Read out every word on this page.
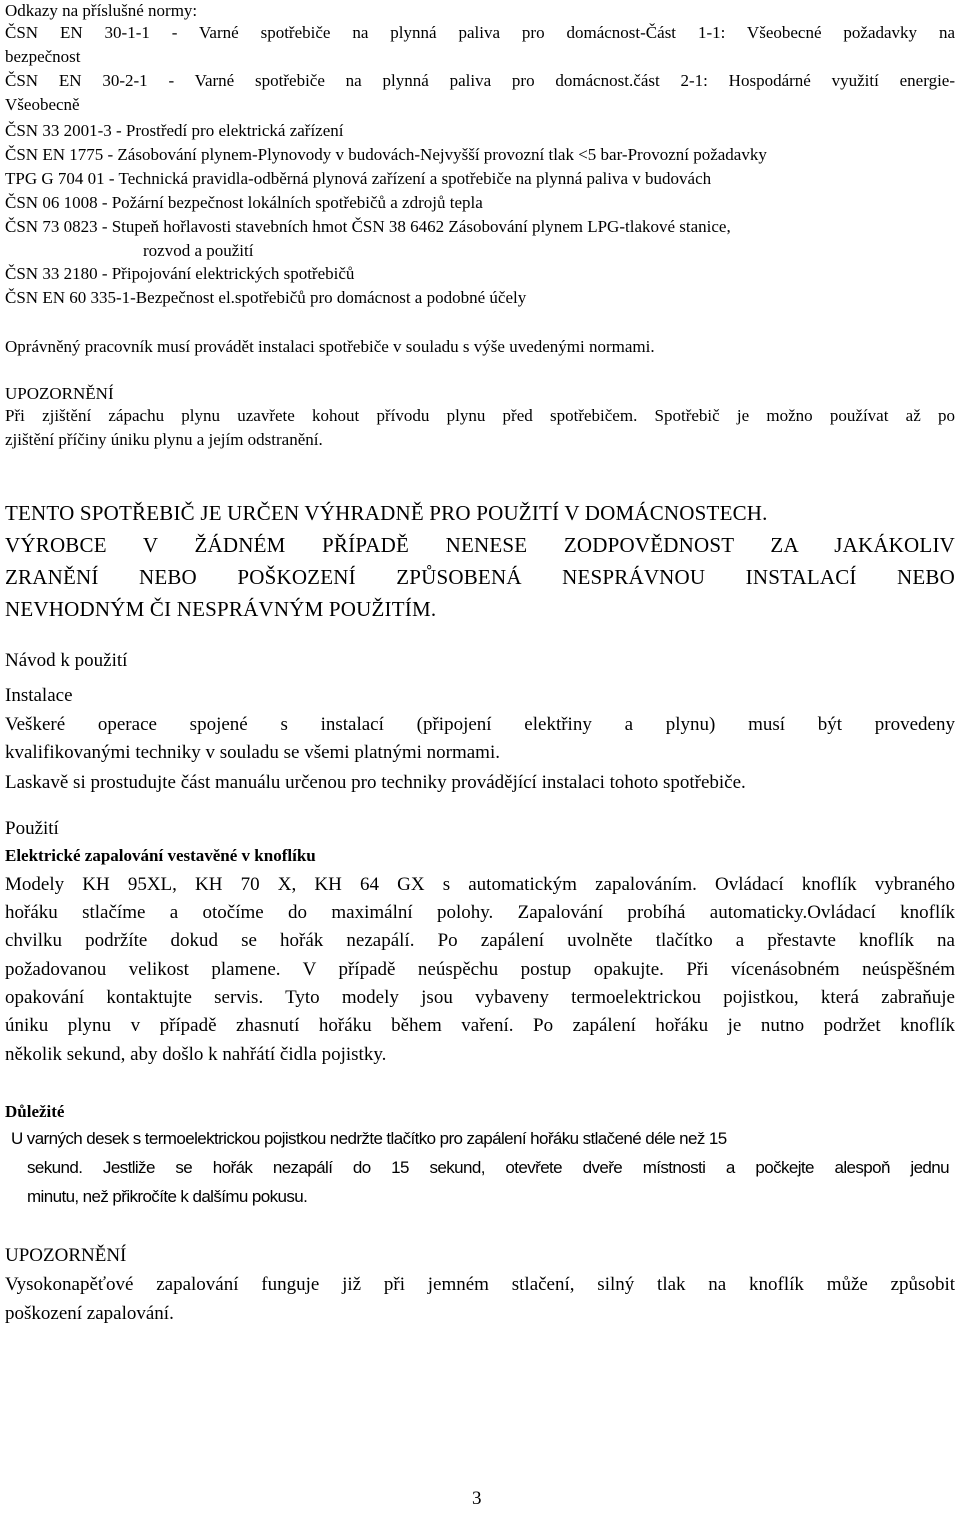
Odkazy na příslušné normy:
ČSN EN 30-1-1 - Varné spotřebiče na plynná paliva pro domácnost-Část 1-1: Všeobecné požadavky na
bezpečnost
ČSN EN 30-2-1 - Varné spotřebiče na plynná paliva pro domácnost.část 2-1: Hospodárné využití energie-
Všeobecně
ČSN 33 2001-3 - Prostředí pro elektrická zařízení
ČSN EN 1775 - Zásobování plynem-Plynovody v budovách-Nejvyšší provozní tlak <5 bar-Provozní požadavky
TPG G 704 01 - Technická pravidla-odběrná plynová zařízení a spotřebiče na plynná paliva v budovách
ČSN 06 1008 - Požární bezpečnost lokálních spotřebičů a zdrojů tepla
ČSN 73 0823 - Stupeň hořlavosti stavebních hmot ČSN 38 6462 Zásobování plynem LPG-tlakové stanice,
rozvod a použití
ČSN 33 2180 - Připojování elektrických spotřebičů
ČSN EN 60 335-1-Bezpečnost el.spotřebičů pro domácnost a podobné účely
Oprávněný pracovník musí provádět instalaci spotřebiče v souladu s výše uvedenými normami.
UPOZORNĚNÍ
Při zjištění zápachu plynu uzavřete kohout přívodu plynu před spotřebičem. Spotřebič je možno používat až po
zjištění příčiny úniku plynu a jejím odstranění.
TENTO SPOTŘEBIČ JE URČEN VÝHRADNĚ PRO POUŽITÍ V DOMÁCNOSTECH.
VÝROBCE V ŽÁDNÉM PŘÍPADĚ NENESE ZODPOVĚDNOST ZA JAKÁKOLIV
ZRANĚNÍ NEBO POŠKOZENÍ ZPŮSOBENÁ NESPRÁVNOU INSTALACÍ NEBO
NEVHODNÝM ČI NESPRÁVNÝM POUŽITÍM.
Návod k použití
Instalace
Veškeré operace spojené s instalací (připojení elektřiny a plynu) musí být provedeny
kvalifikovanými techniky v souladu se všemi platnými normami.
Laskavě si prostudujte část manuálu určenou pro techniky provádějící instalaci tohoto spotřebiče.
Použití
Elektrické zapalování vestavěné v knoflíku
Modely KH 95XL, KH 70 X, KH 64 GX s automatickým zapalováním. Ovládací knoflík vybraného
hořáku stlačíme a otočíme do maximální polohy. Zapalování probíhá automaticky.Ovládací knoflík
chvilku podržíte dokud se hořák nezapálí. Po zapálení uvolněte tlačítko a přestavte knoflík na
požadovanou velikost plamene. V případě neúspěchu postup opakujte. Při vícenásobném neúspěšném
opakování kontaktujte servis. Tyto modely jsou vybaveny termoelektrickou pojistkou, která zabraňuje
úniku plynu v případě zhasnutí hořáku během vaření. Po zapálení hořáku je nutno podržet knoflík
několik sekund, aby došlo k nahřátí čidla pojistky.
Důležité
U varných desek s termoelektrickou pojistkou nedržte tlačítko pro zapálení hořáku stlačené déle než 15
sekund. Jestliže se hořák nezapálí do 15 sekund, otevřete dveře místnosti a počkejte alespoň jednu
minutu, než přikročíte k dalšímu pokusu.
UPOZORNĚNÍ
Vysokonapěťové zapalování funguje již při jemném stlačení, silný tlak na knoflík může způsobit
poškození zapalování.
3
